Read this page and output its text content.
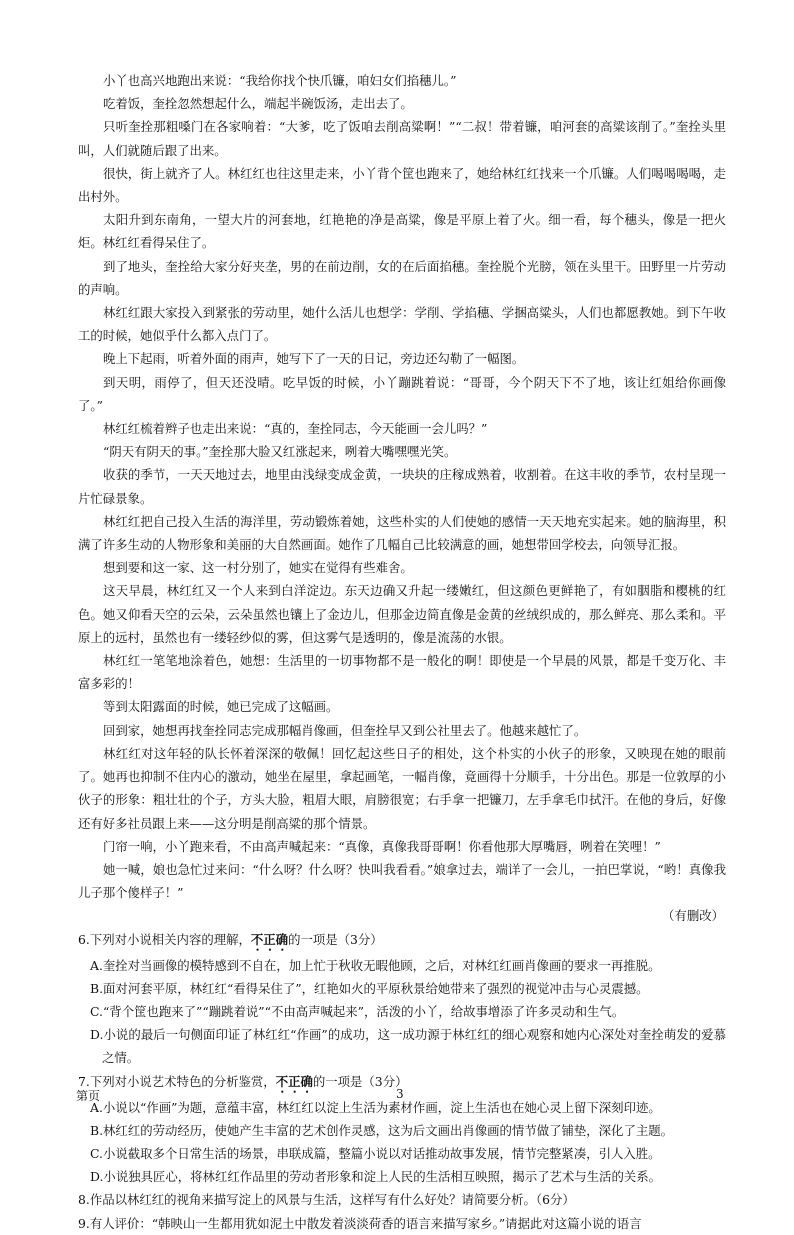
小丫也高兴地跑出来说：“我给你找个快爪镰，咱妇女们掐穗儿。”

吃着饭，奎拴忽然想起什么，端起半碗饭汤，走出去了。

只听奎拴那粗嗓门在各家响着：“大爹，吃了饭咱去削高粱啊！”“二叔！带着镰，咱河套的高粱该削了。”奎拴头里叫，人们就随后跟了出来。

很快，街上就齐了人。林红红也往这里走来，小丫背个筐也跑来了，她给林红红找来一个爪镰。人们喝喝喝喝，走出村外。

太阳升到东南角，一望大片的河套地，红艳艳的净是高粱，像是平原上着了火。细一看，每个穗头，像是一把火炬。林红红看得呆住了。

到了地头，奎拴给大家分好夹垄，男的在前边削，女的在后面掐穗。奎拴脱个光膀，领在头里干。田野里一片劳动的声响。

林红红跟大家投入到紧张的劳动里，她什么活儿也想学：学削、学掐穗、学捆高粱头，人们也都愿教她。到下午收工的时候，她似乎什么都入点门了。

晚上下起雨，听着外面的雨声，她写下了一天的日记，旁边还勾勒了一幅图。

到天明，雨停了，但天还没晴。吃早饭的时候，小丫蹦跳着说：“哥哥，今个阴天下不了地，该让红姐给你画像了。”

林红红梳着辫子也走出来说：“真的，奎拴同志，今天能画一会儿吗？”

“阴天有阴天的事。”奎拴那大脸又红涨起来，咧着大嘴嘿嘿光笑。

收获的季节，一天天地过去，地里由浅绿变成金黄，一块块的庄稼成熟着，收割着。在这丰收的季节，农村呈现一片忙碌景象。

林红红把自己投入生活的海洋里，劳动锻炼着她，这些朴实的人们使她的感情一天天地充实起来。她的脑海里，积满了许多生动的人物形象和美丽的大自然画面。她作了几幅自己比较满意的画，她想带回学校去，向领导汇报。

想到要和这一家、这一村分别了，她实在觉得有些难舍。

这天早晨，林红红又一个人来到白洋淀边。东天边确又升起一缕嫩红，但这颜色更鲜艳了，有如胭脂和樱桃的红色。她又仰看天空的云朵，云朵虽然也镶上了金边儿，但那金边简直像是金黄的丝绒织成的，那么鲜亮、那么柔和。平原上的远村，虽然也有一缕轻纱似的雾，但这雾气是透明的，像是流荡的水银。

林红红一笔笔地涂着色，她想：生活里的一切事物都不是一般化的啊！即使是一个早晨的风景，都是千变万化、丰富多彩的！

等到太阳露面的时候，她已完成了这幅画。

回到家，她想再找奎拴同志完成那幅肖像画，但奎拴早又到公社里去了。他越来越忙了。

林红红对这年轻的队长怀着深深的敬佩！回忆起这些日子的相处，这个朴实的小伙子的形象，又映现在她的眼前了。她再也抑制不住内心的激动，她坐在屋里，拿起画笔，一幅肖像，竟画得十分顺手，十分出色。那是一位敦厚的小伙子的形象：粗壮壮的个子，方头大脸，粗眉大眼，肩膀很宽；右手拿一把镰刀，左手拿毛巾拭汗。在他的身后，好像还有好多社员跟上来——这分明是削高粱的那个情景。

门帘一响，小丫跑来看，不由高声喊起来：“真像，真像我哥哥啊！你看他那大厚嘴唇，咧着在笑哩！”

她一喊，娘也急忙过来问：“什么呀？什么呀？快叫我看看。”娘拿过去，端详了一会儿，一拍巴掌说，“哟！真像我儿子那个傻样子！”

（有删改）

6.下列对小说相关内容的理解，不正确的一项是（3分）

A.奎拴对当画像的模特感到不自在，加上忙于秋收无暇他顾，之后，对林红红画肖像画的要求一再推脱。

B.面对河套平原，林红红“看得呆住了”，红艳如火的平原秋景给她带来了强烈的视觉冲击与心灵震撼。

C.“背个筐也跑来了”“蹦跳着说”“不由高声喊起来”，活泼的小丫，给故事增添了许多灵动和生气。

D.小说的最后一句侧面印证了林红红“作画”的成功，这一成功源于林红红的细心观察和她内心深处对奎拴萌发的爱慕之情。

7.下列对小说艺术特色的分析鉴赏，不正确的一项是（3分）

A.小说以“作画”为题，意蕴丰富，林红红以淀上生活为素材作画，淀上生活也在她心灵上留下深刻印迹。

B.林红红的劳动经历，使她产生丰富的艺术创作灵感，这为后文画出肖像画的情节做了铺垫，深化了主题。

C.小说截取多个日常生活的场景，串联成篇，整篇小说以对话推动故事发展，情节完整紧凑，引人入胜。

D.小说独具匠心，将林红红作品里的劳动者形象和淀上人民的生活相互映照，揭示了艺术与生活的关系。

8.作品以林红红的视角来描写淀上的风景与生活，这样写有什么好处？请简要分析。（6分）

9.有人评价：“韩映山一生都用犹如泥土中散发着淡淡荷香的语言来描写家乡。”请据此对这篇小说的语言

第页	3
